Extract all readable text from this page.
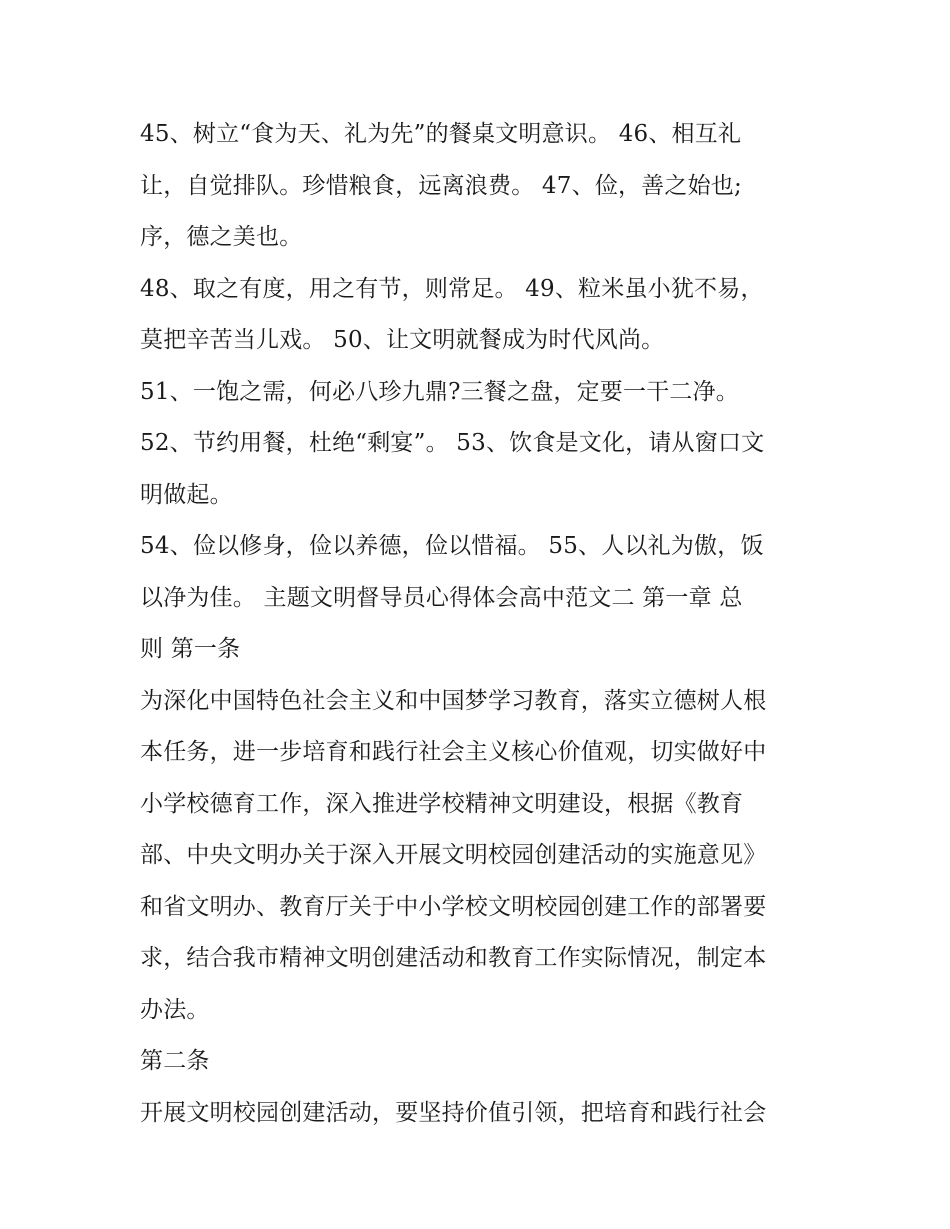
45、树立“食为天、礼为先”的餐桌文明意识。 46、相互礼
让，自觉排队。珍惜粮食，远离浪费。 47、俭，善之始也;
序，德之美也。
48、取之有度，用之有节，则常足。 49、粒米虽小犹不易，
莫把辛苦当儿戏。 50、让文明就餐成为时代风尚。
51、一饱之需，何必八珍九鼎?三餐之盘，定要一干二净。
52、节约用餐，杜绝“剩宴”。 53、饮食是文化，请从窗口文
明做起。
54、俭以修身，俭以养德，俭以惜福。 55、人以礼为傲，饭
以净为佳。 主题文明督导员心得体会高中范文二 第一章 总
则 第一条
为深化中国特色社会主义和中国梦学习教育，落实立德树人根
本任务，进一步培育和践行社会主义核心价值观，切实做好中
小学校德育工作，深入推进学校精神文明建设，根据《教育
部、中央文明办关于深入开展文明校园创建活动的实施意见》
和省文明办、教育厅关于中小学校文明校园创建工作的部署要
求，结合我市精神文明创建活动和教育工作实际情况，制定本
办法。
第二条
开展文明校园创建活动，要坚持价值引领，把培育和践行社会
